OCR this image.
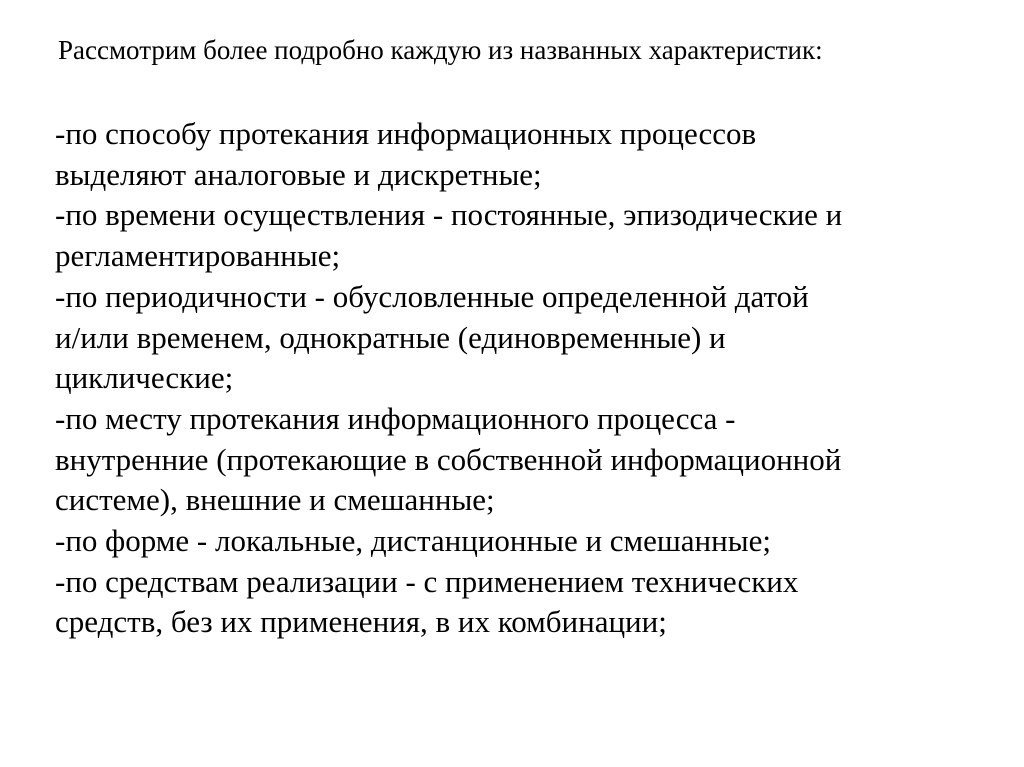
Рассмотрим более подробно каждую из названных характеристик:
-по способу протекания информационных процессов
выделяют аналоговые и дискретные;
-по времени осуществления - постоянные, эпизодические и
регламентированные;
-по периодичности - обусловленные определенной датой
и/или временем, однократные (единовременные) и
циклические;
-по месту протекания информационного процесса -
внутренние (протекающие в собственной информационной
системе), внешние и смешанные;
-по форме - локальные, дистанционные и смешанные;
-по средствам реализации - с применением технических
средств, без их применения, в их комбинации;
